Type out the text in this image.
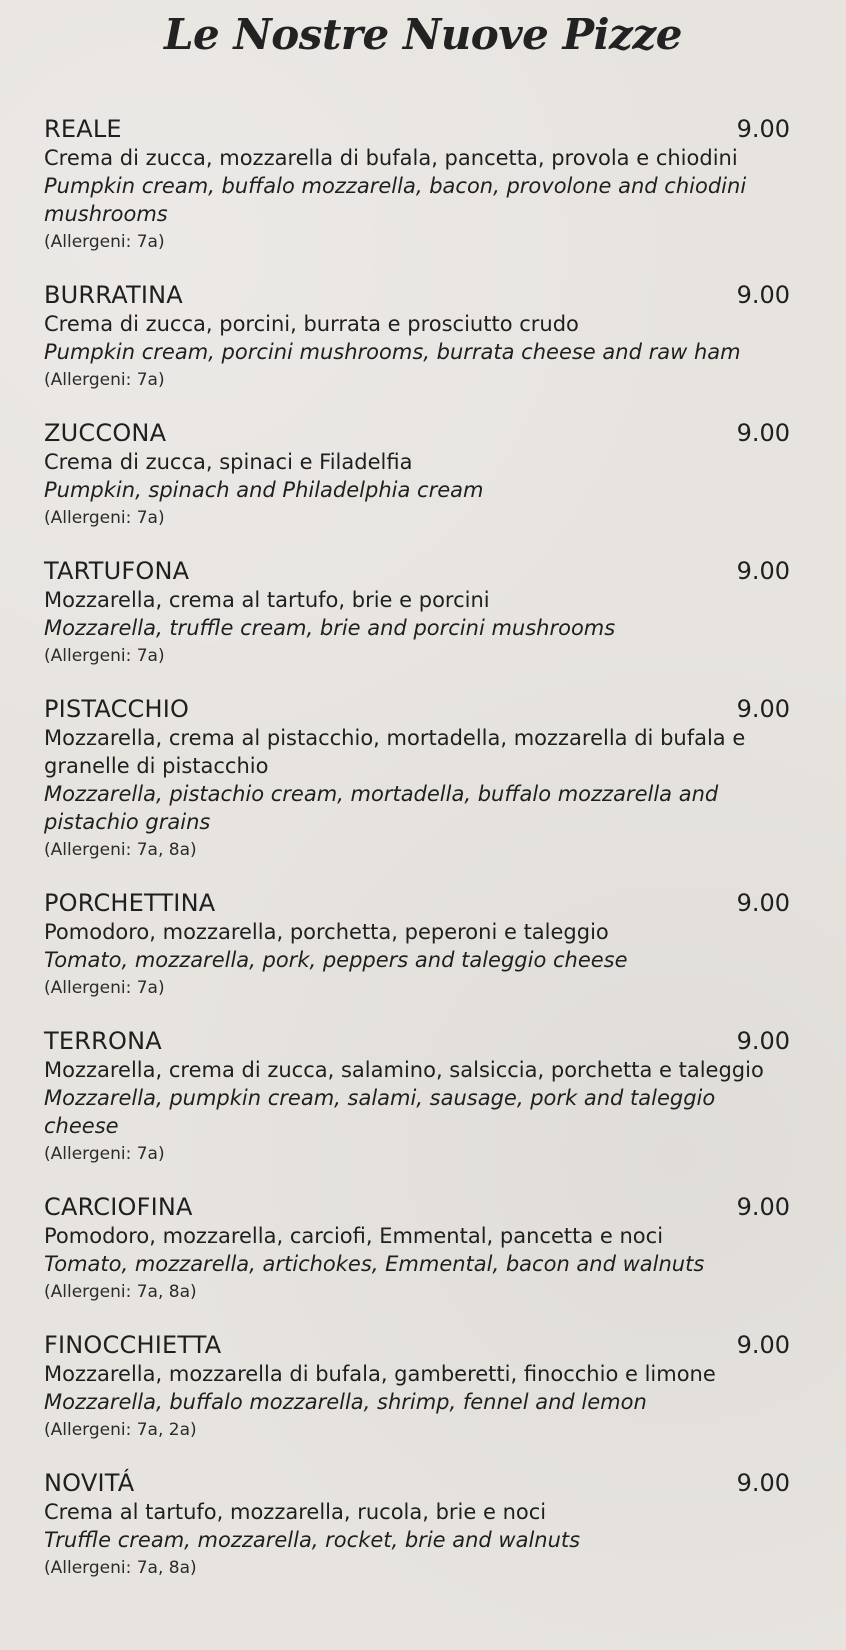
Le Nostre Nuove Pizze
REALE	9.00
Crema di zucca, mozzarella di bufala, pancetta, provola e chiodini
Pumpkin cream, buffalo mozzarella, bacon, provolone and chiodini mushrooms
(Allergeni: 7a)
BURRATINA	9.00
Crema di zucca, porcini, burrata e prosciutto crudo
Pumpkin cream, porcini mushrooms, burrata cheese and raw ham
(Allergeni: 7a)
ZUCCONA	9.00
Crema di zucca, spinaci e Filadelfia
Pumpkin, spinach and Philadelphia cream
(Allergeni: 7a)
TARTUFONA	9.00
Mozzarella, crema al tartufo, brie e porcini
Mozzarella, truffle cream, brie and porcini mushrooms
(Allergeni: 7a)
PISTACCHIO	9.00
Mozzarella, crema al pistacchio, mortadella, mozzarella di bufala e granelle di pistacchio
Mozzarella, pistachio cream, mortadella, buffalo mozzarella and pistachio grains
(Allergeni: 7a, 8a)
PORCHETTINA	9.00
Pomodoro, mozzarella, porchetta, peperoni e taleggio
Tomato, mozzarella, pork, peppers and taleggio cheese
(Allergeni: 7a)
TERRONA	9.00
Mozzarella, crema di zucca, salamino, salsiccia, porchetta e taleggio
Mozzarella, pumpkin cream, salami, sausage, pork and taleggio cheese
(Allergeni: 7a)
CARCIOFINA	9.00
Pomodoro, mozzarella, carciofi, Emmental, pancetta e noci
Tomato, mozzarella, artichokes, Emmental, bacon and walnuts
(Allergeni: 7a, 8a)
FINOCCHIETTA	9.00
Mozzarella, mozzarella di bufala, gamberetti, finocchio e limone
Mozzarella, buffalo mozzarella, shrimp, fennel and lemon
(Allergeni: 7a, 2a)
NOVITÁ	9.00
Crema al tartufo, mozzarella, rucola, brie e noci
Truffle cream, mozzarella, rocket, brie and walnuts
(Allergeni: 7a, 8a)
